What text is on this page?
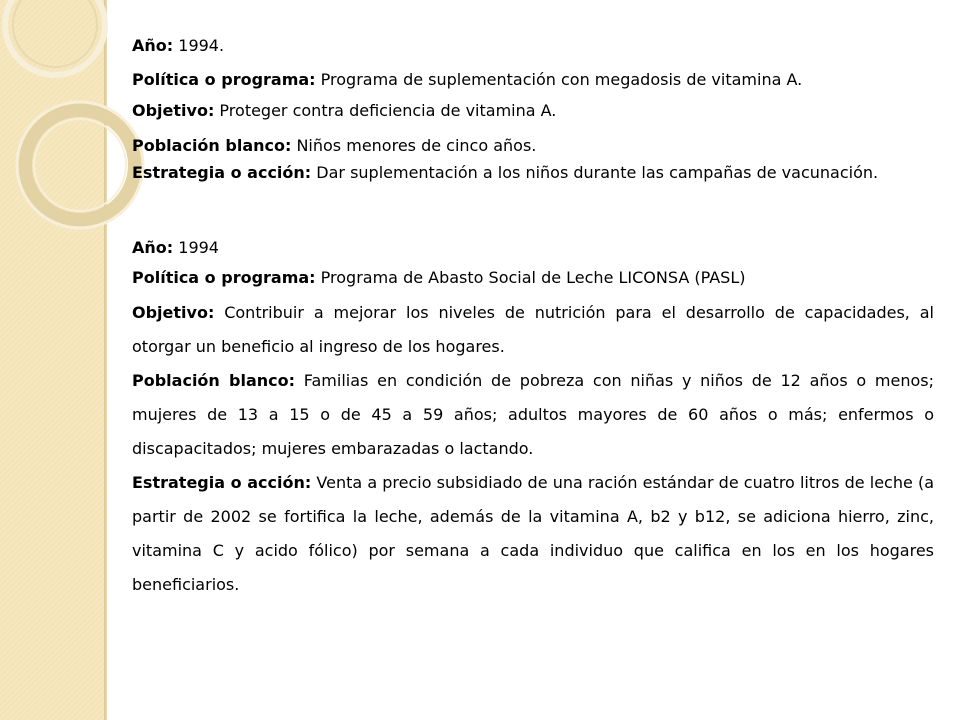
Año: 1994.
Política o programa: Programa de suplementación con megadosis de vitamina A.
Objetivo: Proteger contra deficiencia de vitamina A.
Población blanco: Niños menores de cinco años.
Estrategia o acción: Dar suplementación a los niños durante las campañas de vacunación.
Año: 1994
Política o programa: Programa de Abasto Social de Leche LICONSA (PASL)
Objetivo: Contribuir a mejorar los niveles de nutrición para el desarrollo de capacidades, al otorgar un beneficio al ingreso de los hogares.
Población blanco: Familias en condición de pobreza con niñas y niños de 12 años o menos; mujeres de 13 a 15 o de 45 a 59 años; adultos mayores de 60 años o más; enfermos o discapacitados; mujeres embarazadas o lactando.
Estrategia o acción: Venta a precio subsidiado de una ración estándar de cuatro litros de leche (a partir de 2002 se fortifica la leche, además de la vitamina A, b2 y b12, se adiciona hierro, zinc, vitamina C y acido fólico) por semana a cada individuo que califica en los en los hogares beneficiarios.
